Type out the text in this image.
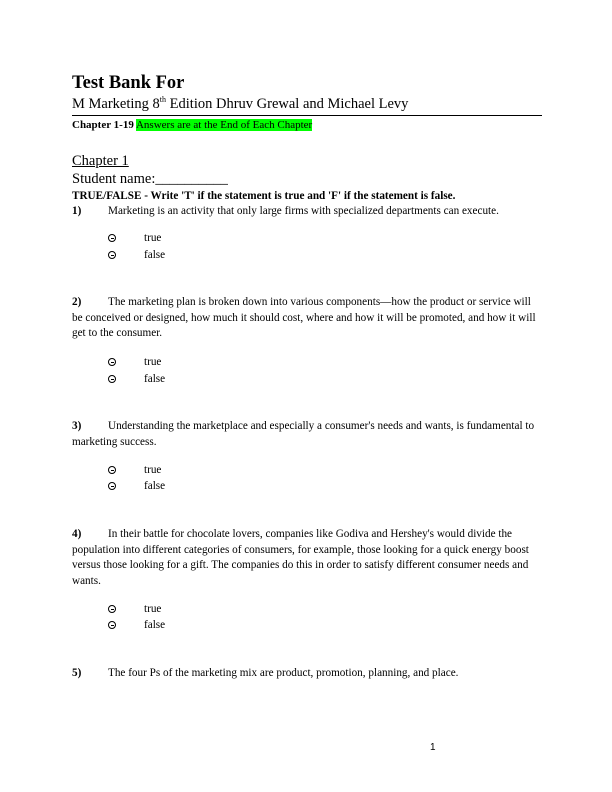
Test Bank For
M Marketing 8th Edition Dhruv Grewal and Michael Levy
Chapter 1-19 Answers are at the End of Each Chapter
Chapter 1
Student name:__________
TRUE/FALSE - Write 'T' if the statement is true and 'F' if the statement is false.
1) Marketing is an activity that only large firms with specialized departments can execute.
true
false
2) The marketing plan is broken down into various components—how the product or service will be conceived or designed, how much it should cost, where and how it will be promoted, and how it will get to the consumer.
true
false
3) Understanding the marketplace and especially a consumer's needs and wants, is fundamental to marketing success.
true
false
4) In their battle for chocolate lovers, companies like Godiva and Hershey's would divide the population into different categories of consumers, for example, those looking for a quick energy boost versus those looking for a gift. The companies do this in order to satisfy different consumer needs and wants.
true
false
5) The four Ps of the marketing mix are product, promotion, planning, and place.
1
